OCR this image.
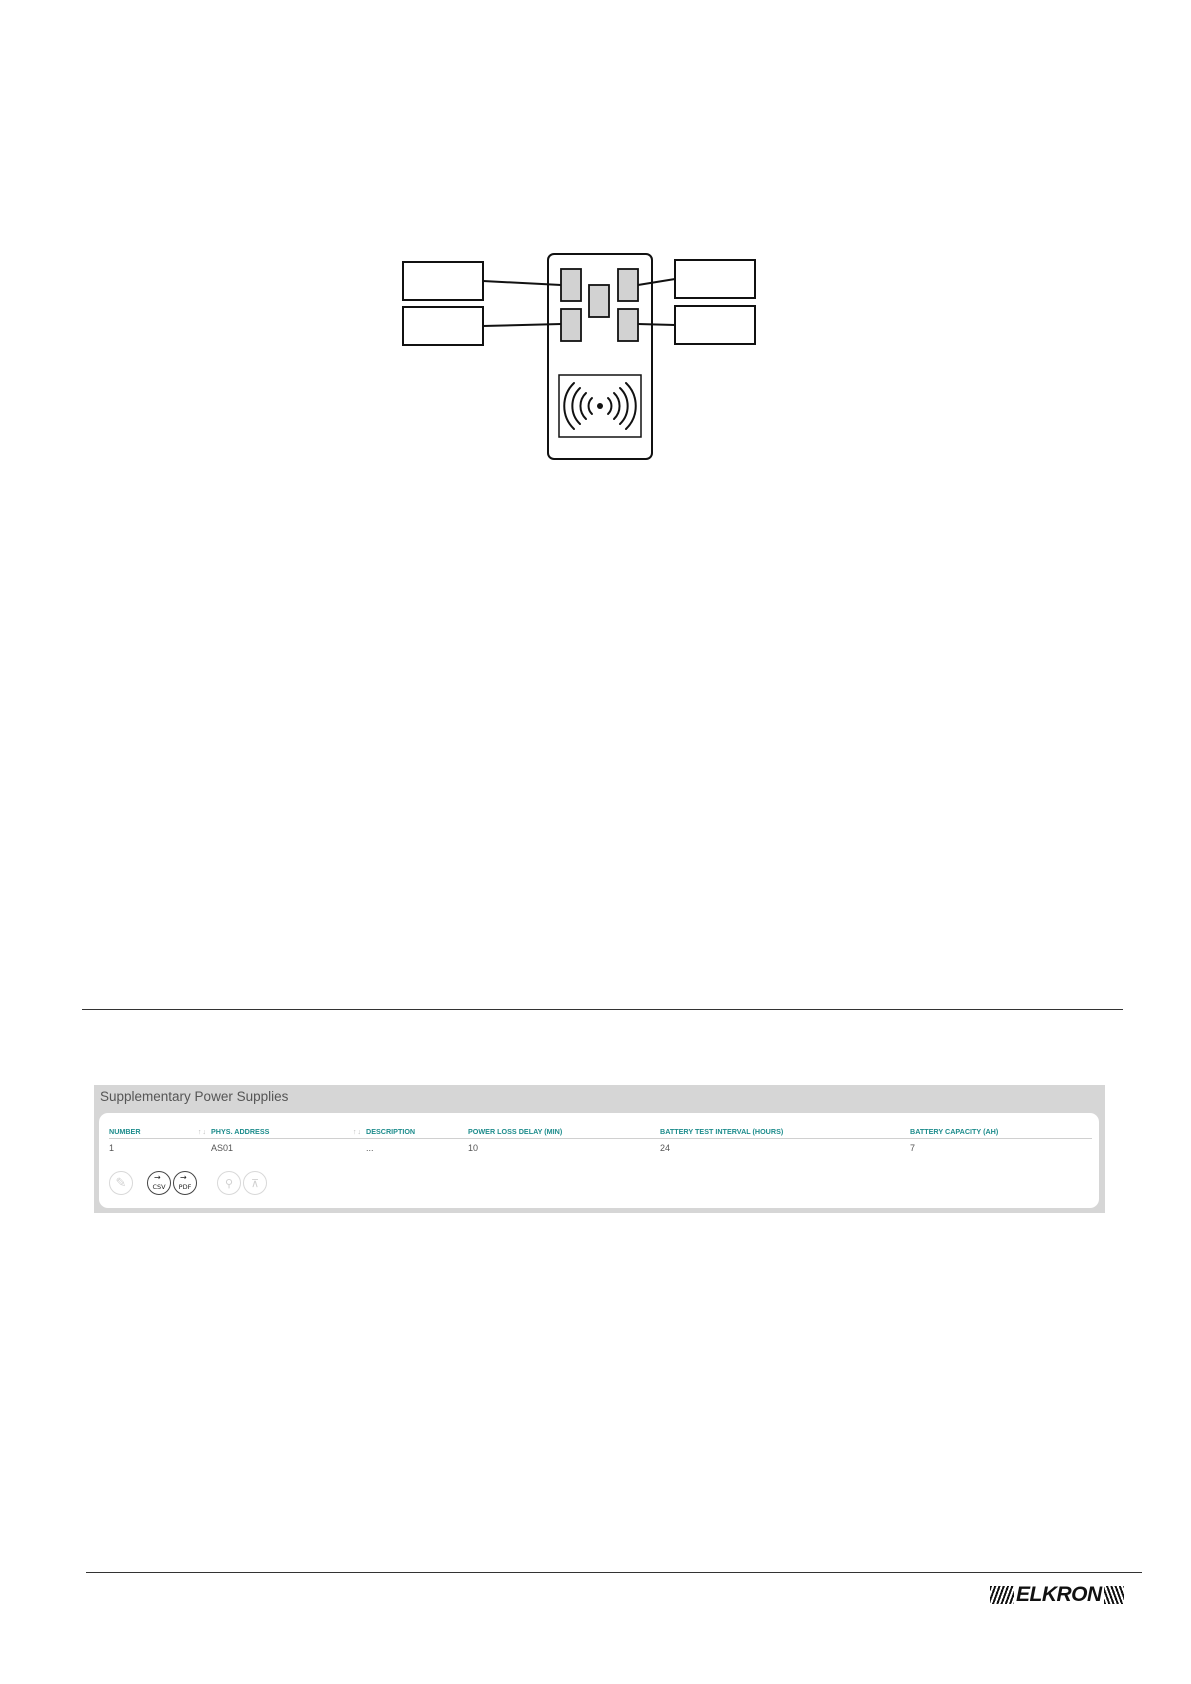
Supplementary Power Supplies
NUMBER ↑↓	PHYS. ADDRESS ↑↓	DESCRIPTION	POWER LOSS DELAY (MIN)	BATTERY TEST INTERVAL (HOURS)	BATTERY CAPACITY (AH)
1	AS01	...	10	24	7
✎	→
CSV
→
PDF	⚲ ⊼
ELKRON
